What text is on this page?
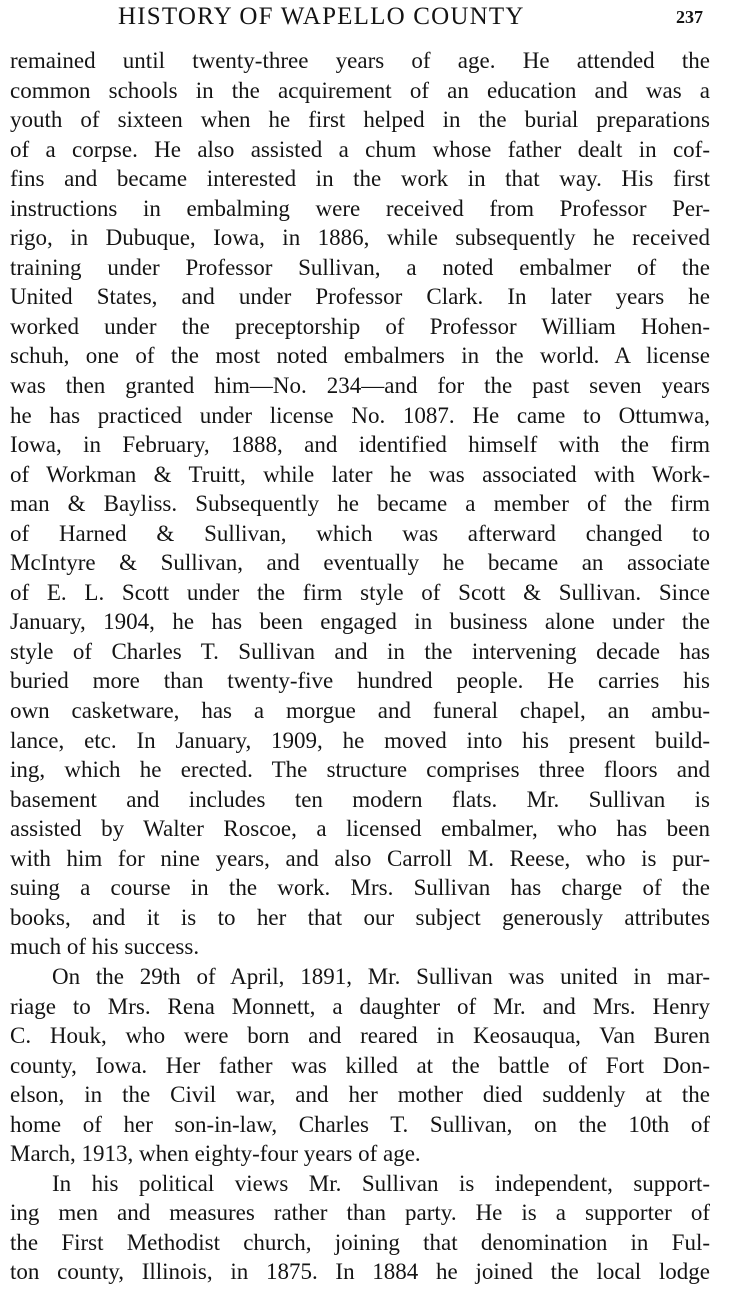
HISTORY OF WAPELLO COUNTY	237
remained until twenty-three years of age. He attended the
common schools in the acquirement of an education and was a
youth of sixteen when he first helped in the burial preparations
of a corpse. He also assisted a chum whose father dealt in cof-
fins and became interested in the work in that way. His first
instructions in embalming were received from Professor Per-
rigo, in Dubuque, Iowa, in 1886, while subsequently he received
training under Professor Sullivan, a noted embalmer of the
United States, and under Professor Clark. In later years he
worked under the preceptorship of Professor William Hohen-
schuh, one of the most noted embalmers in the world. A license
was then granted him—No. 234—and for the past seven years
he has practiced under license No. 1087. He came to Ottumwa,
Iowa, in February, 1888, and identified himself with the firm
of Workman & Truitt, while later he was associated with Work-
man & Bayliss. Subsequently he became a member of the firm
of Harned & Sullivan, which was afterward changed to
McIntyre & Sullivan, and eventually he became an associate
of E. L. Scott under the firm style of Scott & Sullivan. Since
January, 1904, he has been engaged in business alone under the
style of Charles T. Sullivan and in the intervening decade has
buried more than twenty-five hundred people. He carries his
own casketware, has a morgue and funeral chapel, an ambu-
lance, etc. In January, 1909, he moved into his present build-
ing, which he erected. The structure comprises three floors and
basement and includes ten modern flats. Mr. Sullivan is
assisted by Walter Roscoe, a licensed embalmer, who has been
with him for nine years, and also Carroll M. Reese, who is pur-
suing a course in the work. Mrs. Sullivan has charge of the
books, and it is to her that our subject generously attributes
much of his success.
On the 29th of April, 1891, Mr. Sullivan was united in mar-
riage to Mrs. Rena Monnett, a daughter of Mr. and Mrs. Henry
C. Houk, who were born and reared in Keosauqua, Van Buren
county, Iowa. Her father was killed at the battle of Fort Don-
elson, in the Civil war, and her mother died suddenly at the
home of her son-in-law, Charles T. Sullivan, on the 10th of
March, 1913, when eighty-four years of age.
In his political views Mr. Sullivan is independent, support-
ing men and measures rather than party. He is a supporter of
the First Methodist church, joining that denomination in Ful-
ton county, Illinois, in 1875. In 1884 he joined the local lodge
